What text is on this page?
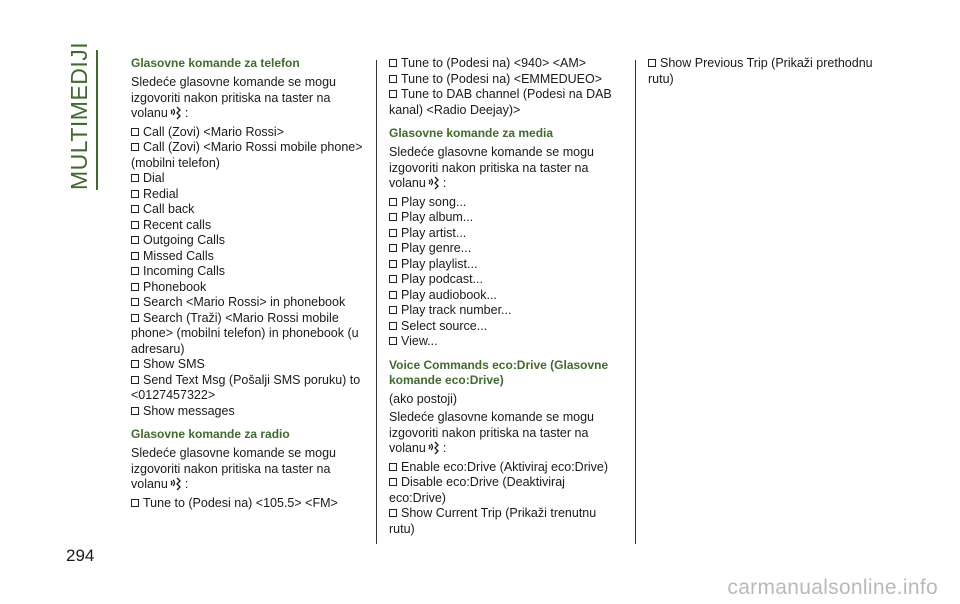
MULTIMEDIJI
294
Glasovne komande za telefon

Sledeće glasovne komande se mogu izgovoriti nakon pritiska na taster na volanu :

Call (Zovi) <Mario Rossi>
Call (Zovi) <Mario Rossi mobile phone> (mobilni telefon)
Dial
Redial
Call back
Recent calls
Outgoing Calls
Missed Calls
Incoming Calls
Phonebook
Search <Mario Rossi> in phonebook
Search (Traži) <Mario Rossi mobile phone> (mobilni telefon) in phonebook (u adresaru)
Show SMS
Send Text Msg (Pošalji SMS poruku) to <0127457322>
Show messages
Glasovne komande za radio

Sledeće glasovne komande se mogu izgovoriti nakon pritiska na taster na volanu :

Tune to (Podesi na) <105.5> <FM>
Tune to (Podesi na) <940> <AM>
Tune to (Podesi na) <EMMEDUEO>
Tune to DAB channel (Podesi na DAB kanal) <Radio Deejay)>
Glasovne komande za media

Sledeće glasovne komande se mogu izgovoriti nakon pritiska na taster na volanu :

Play song...
Play album...
Play artist...
Play genre...
Play playlist...
Play podcast...
Play audiobook...
Play track number...
Select source...
View...
Voice Commands eco:Drive (Glasovne komande eco:Drive)

(ako postoji)

Sledeće glasovne komande se mogu izgovoriti nakon pritiska na taster na volanu :

Enable eco:Drive (Aktiviraj eco:Drive)
Disable eco:Drive (Deaktiviraj eco:Drive)
Show Current Trip (Prikaži trenutnu rutu)
Show Previous Trip (Prikaži prethodnu rutu)
carmanualsonline.info
